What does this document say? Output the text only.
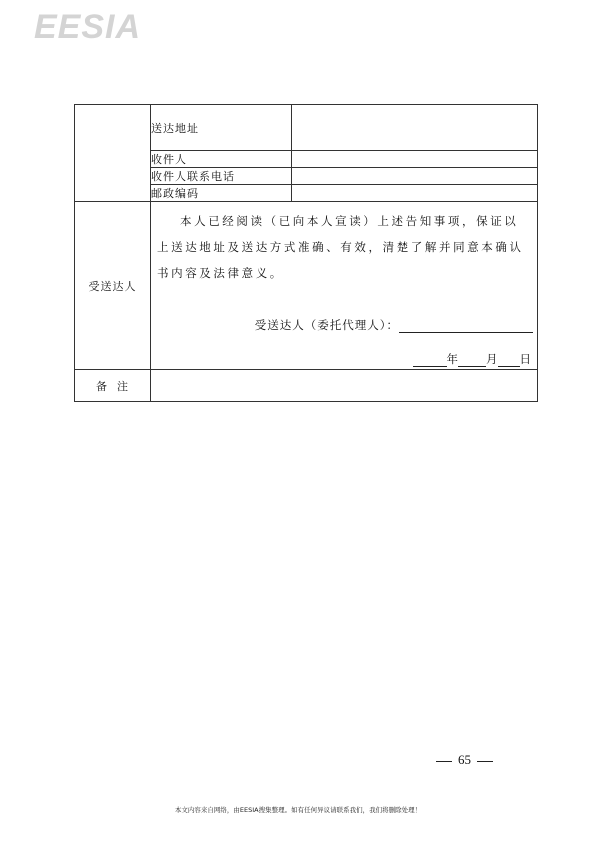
EESIA
	送达地址	
	收件人	
	收件人联系电话	
	邮政编码	
受送达人	本人已经阅读（已向本人宣读）上述告知事项，保证以上送达地址及送达方式准确、有效，清楚了解并同意本确认书内容及法律意义。
受送达人（委托代理人）：
年 月 日	

备  注		
65
本文内容来自网络，由EESIA搜集整理。如有任何异议请联系我们，我们将删除处理！
